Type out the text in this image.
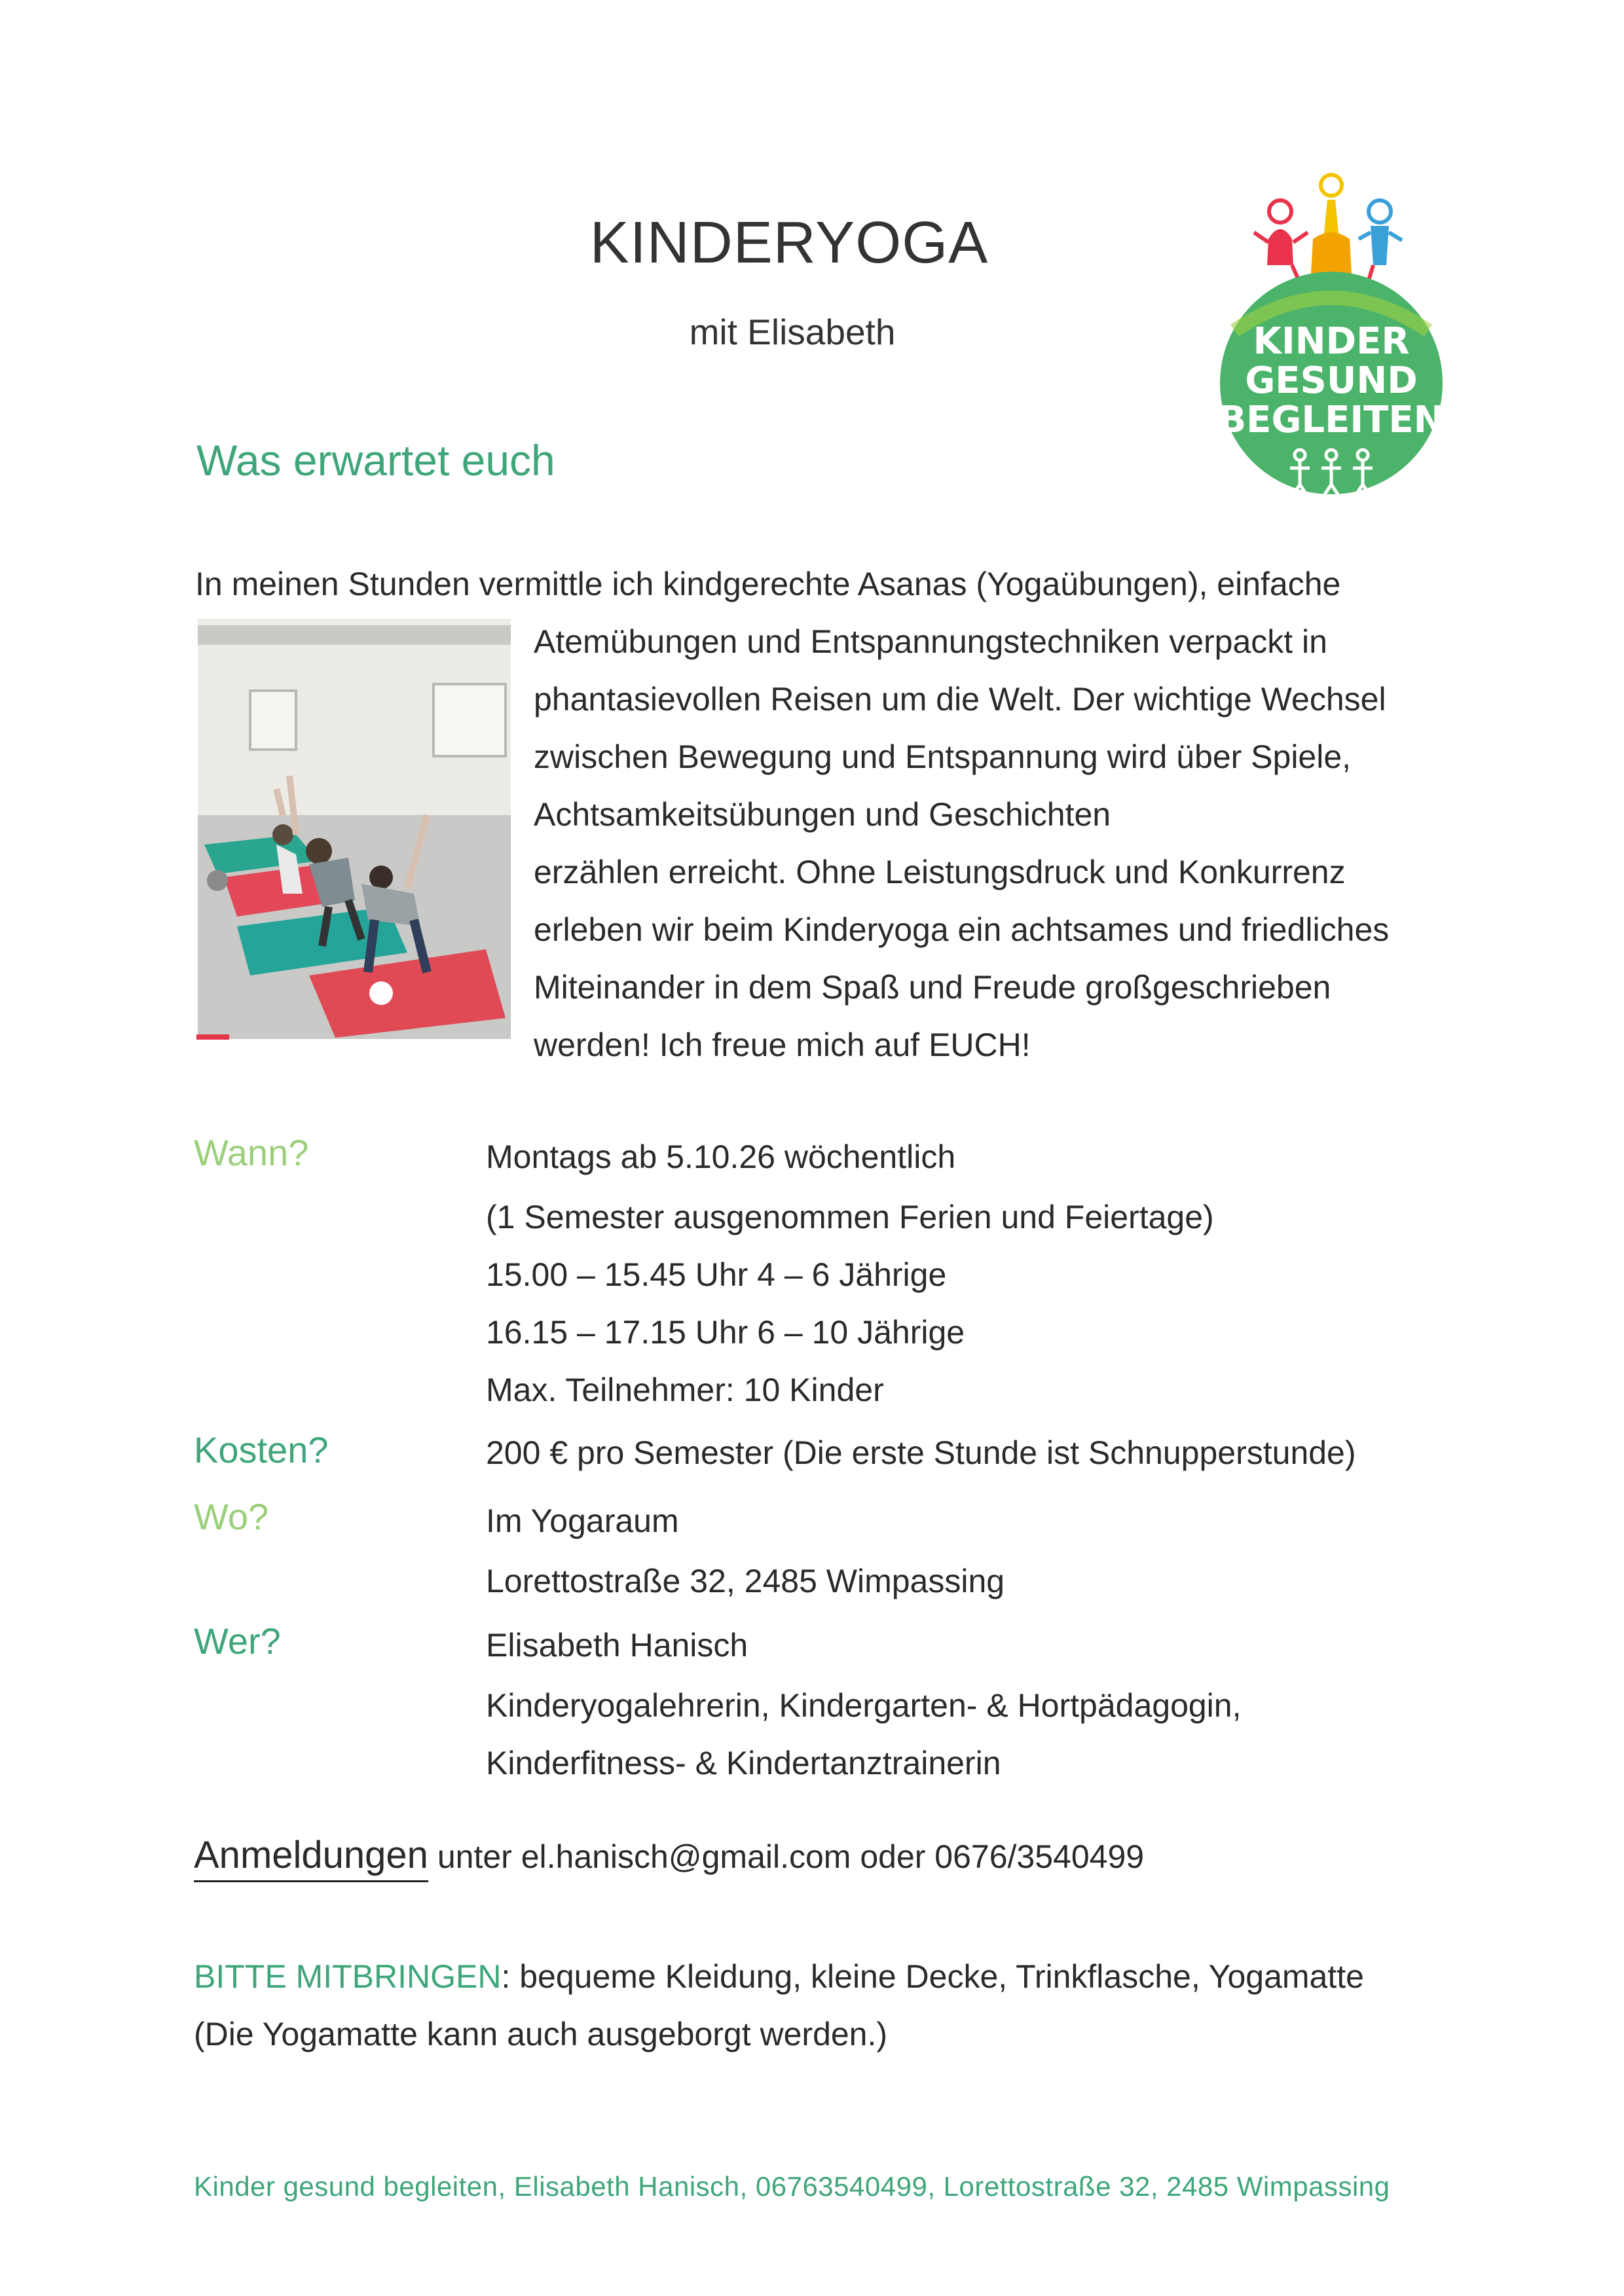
KINDERYOGA
mit Elisabeth	KINDER
GESUND
BEGLEITEN
Was erwartet euch
In meinen Stunden vermittle ich kindgerechte Asanas (Yogaübungen), einfache
Atemübungen und Entspannungstechniken verpackt in
phantasievollen Reisen um die Welt. Der wichtige Wechsel
zwischen Bewegung und Entspannung wird über Spiele,
Achtsamkeitsübungen und Geschichten
erzählen erreicht. Ohne Leistungsdruck und Konkurrenz
erleben wir beim Kinderyoga ein achtsames und friedliches
Miteinander in dem Spaß und Freude großgeschrieben
werden! Ich freue mich auf EUCH!
Wann?	Montags ab 5.10.26 wöchentlich
(1 Semester ausgenommen Ferien und Feiertage)
15.00 – 15.45 Uhr 4 – 6 Jährige
16.15 – 17.15 Uhr 6 – 10 Jährige
Max. Teilnehmer: 10 Kinder
Kosten?	200 € pro Semester (Die erste Stunde ist Schnupperstunde)
Wo?	Im Yogaraum
Lorettostraße 32, 2485 Wimpassing
Wer?	Elisabeth Hanisch
Kinderyogalehrerin, Kindergarten- & Hortpädagogin,
Kinderfitness- & Kindertanztrainerin
Anmeldungen unter el.hanisch@gmail.com oder 0676/3540499
BITTE MITBRINGEN: bequeme Kleidung, kleine Decke, Trinkflasche, Yogamatte
(Die Yogamatte kann auch ausgeborgt werden.)
Kinder gesund begleiten, Elisabeth Hanisch, 06763540499, Lorettostraße 32, 2485 Wimpassing
